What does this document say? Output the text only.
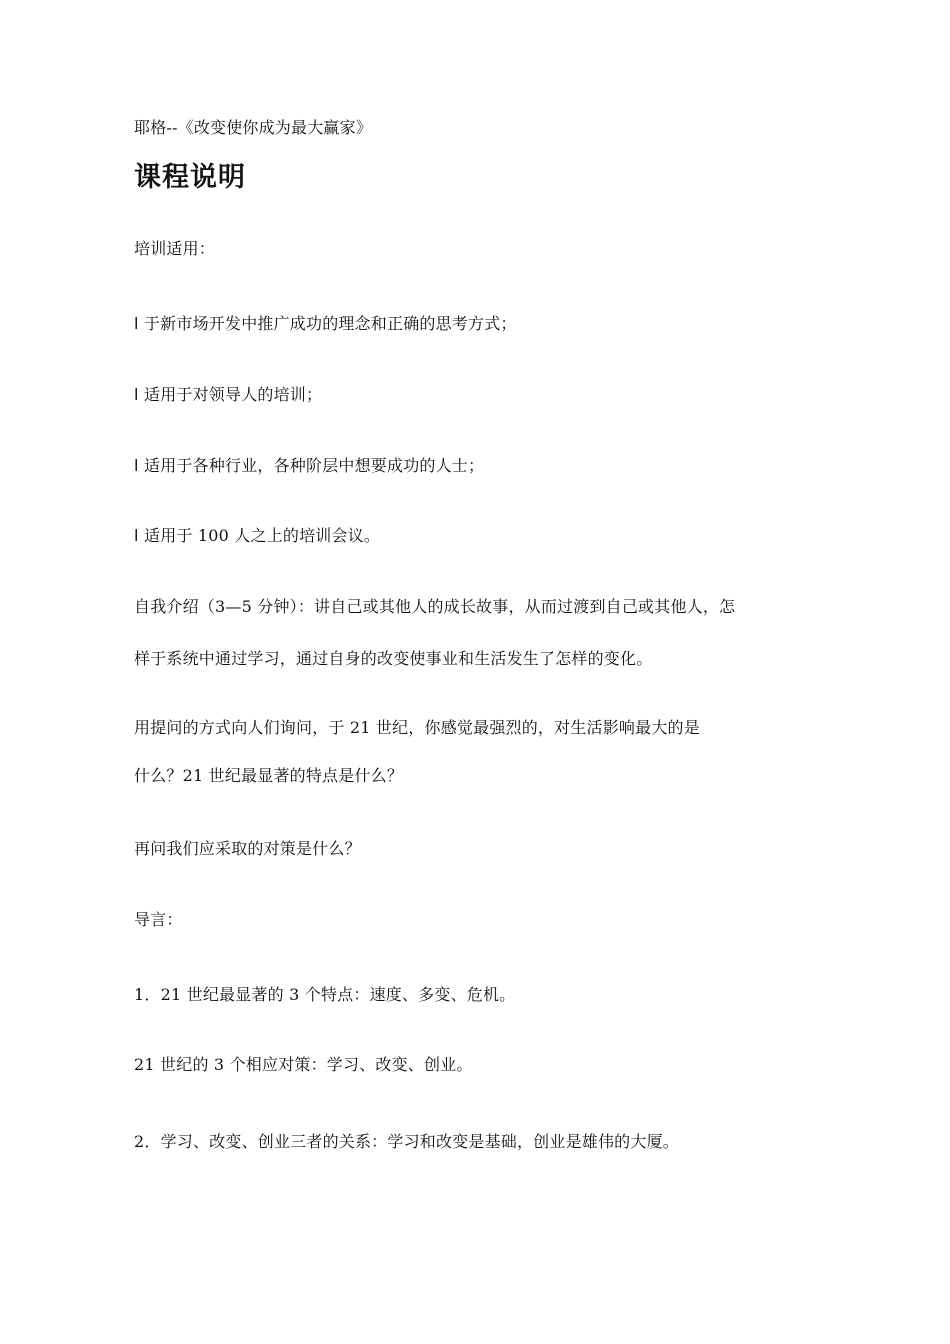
耶格--《改变使你成为最大赢家》
课程说明
培训适用：
l 于新市场开发中推广成功的理念和正确的思考方式；
l 适用于对领导人的培训；
l 适用于各种行业，各种阶层中想要成功的人士；
l 适用于 100 人之上的培训会议。
自我介绍（3—5 分钟）：讲自己或其他人的成长故事，从而过渡到自己或其他人，怎
样于系统中通过学习，通过自身的改变使事业和生活发生了怎样的变化。
用提问的方式向人们询问，于 21 世纪，你感觉最强烈的，对生活影响最大的是
什么？21 世纪最显著的特点是什么？
再问我们应采取的对策是什么？
导言：
1．21 世纪最显著的 3 个特点：速度、多变、危机。
21 世纪的 3 个相应对策：学习、改变、创业。
2．学习、改变、创业三者的关系：学习和改变是基础，创业是雄伟的大厦。
